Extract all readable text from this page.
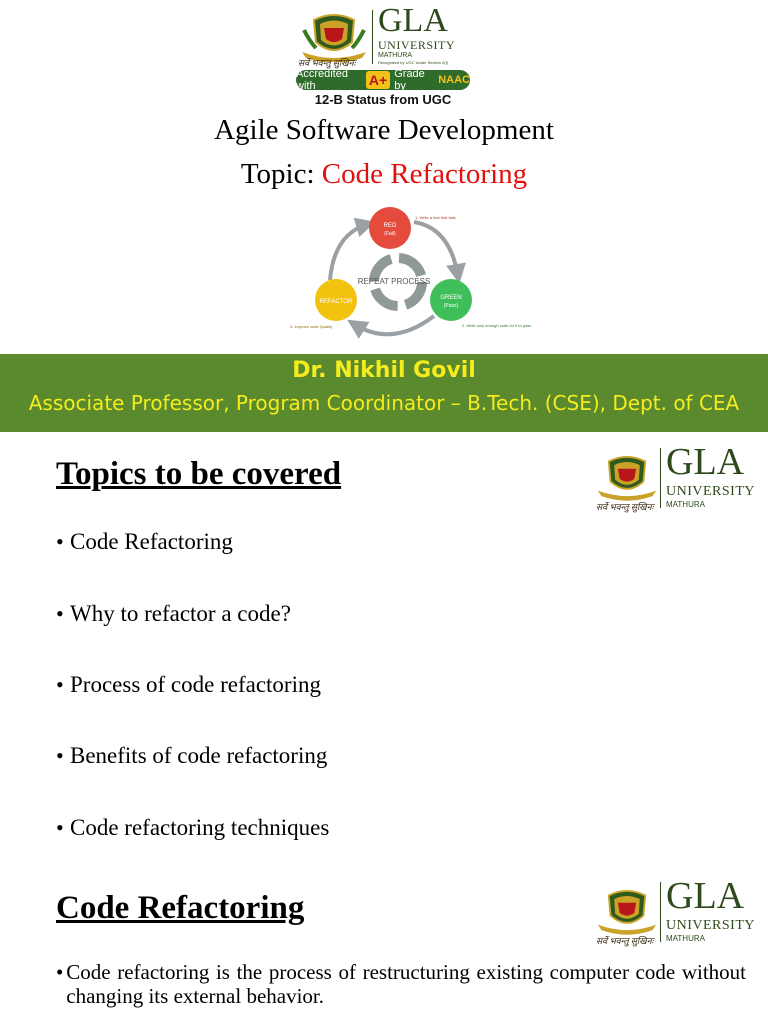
सर्वे भवन्तु सुखिनः
GLA
UNIVERSITY
MATHURA
Recognised by UGC Under Section 2(f)
Accredited with	A+ Grade by	NAAC
12-B Status from UGC
Agile Software Development
Topic: Code Refactoring
REPEAT PROCESS
RED
(Fail)
1. Write a test that fails
GREEN
(Pass)
2. Write only enough code for it to pass
REFACTOR
3. Improve code Quality
Dr. Nikhil Govil
Associate Professor, Program Coordinator – B.Tech. (CSE), Dept. of CEA
Topics to be covered
सर्वे भवन्तु सुखिनः
GLA
UNIVERSITY
MATHURA
• Code Refactoring
• Why to refactor a code?
• Process of code refactoring
• Benefits of code refactoring
• Code refactoring techniques
Code Refactoring
सर्वे भवन्तु सुखिनः
GLA
UNIVERSITY
MATHURA
• Code refactoring is the process of restructuring existing computer code without changing its external behavior.
